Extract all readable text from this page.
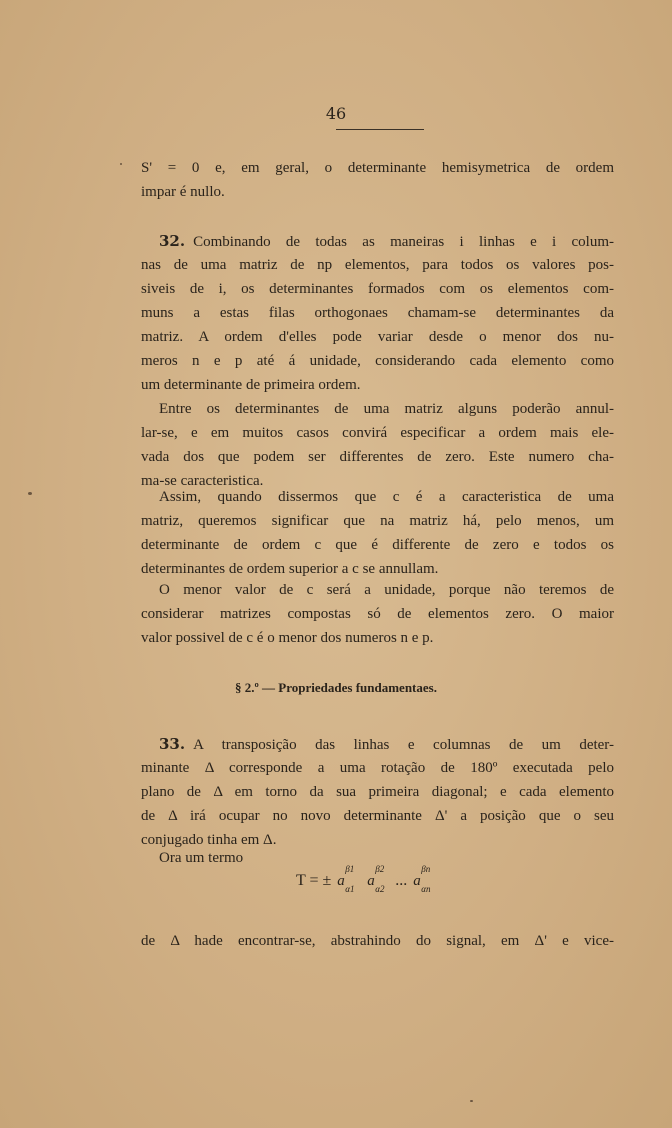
46
S' = 0 e, em geral, o determinante hemisymetrica de ordem
impar é nullo.
32. Combinando de todas as maneiras i linhas e i colum-
nas de uma matriz de np elementos, para todos os valores pos-
siveis de i, os determinantes formados com os elementos com-
muns a estas filas orthogonaes chamam-se determinantes da
matriz. A ordem d'elles pode variar desde o menor dos nu-
meros n e p até á unidade, considerando cada elemento como
um determinante de primeira ordem.
Entre os determinantes de uma matriz alguns poderão annul-
lar-se, e em muitos casos convirá especificar a ordem mais ele-
vada dos que podem ser differentes de zero. Este numero cha-
ma-se caracteristica.
Assim, quando dissermos que c é a caracteristica de uma
matriz, queremos significar que na matriz há, pelo menos, um
determinante de ordem c que é differente de zero e todos os
determinantes de ordem superior a c se annullam.
O menor valor de c será a unidade, porque não teremos de
considerar matrizes compostas só de elementos zero. O maior
valor possivel de c é o menor dos numeros n e p.
§ 2.º — Propriedades fundamentaes.
33. A transposição das linhas e columnas de um deter-
minante Δ corresponde a uma rotação de 180º executada pelo
plano de Δ em torno da sua primeira diagonal; e cada elemento
de Δ irá ocupar no novo determinante Δ' a posição que o seu
conjugado tinha em Δ.
Ora um termo
T = ± a
β1
α1 a
β2
α2 ... a
βn
αn
de Δ hade encontrar-se, abstrahindo do signal, em Δ' e vice-
